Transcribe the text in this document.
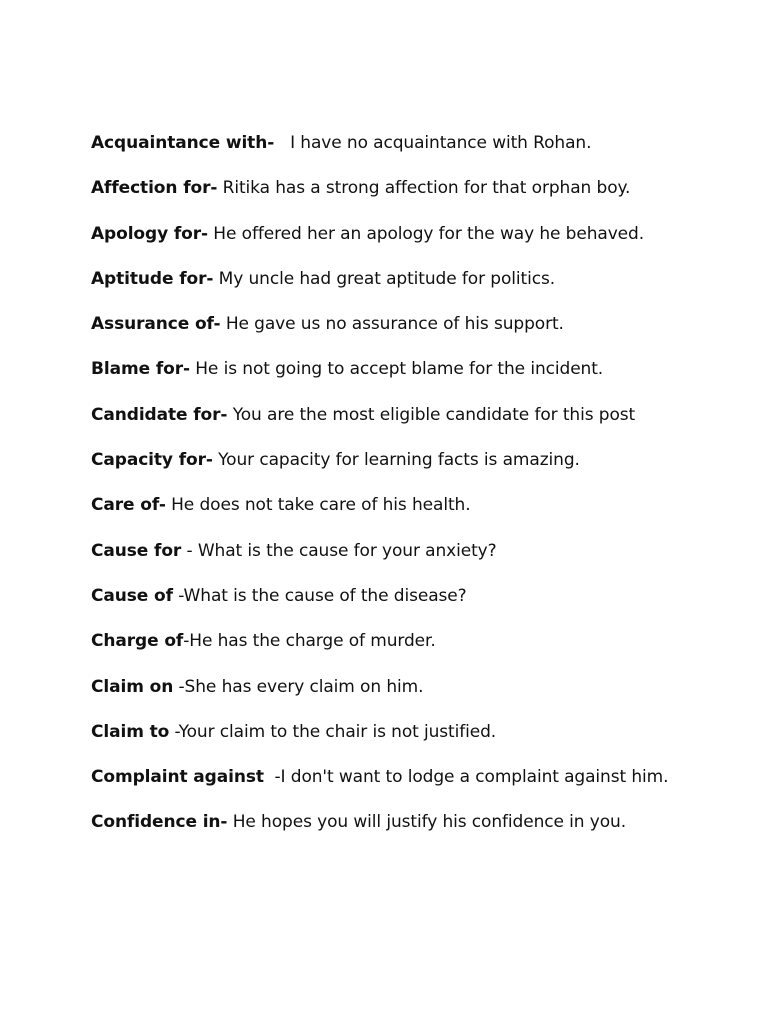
Acquaintance with-   I have no acquaintance with Rohan.
Affection for- Ritika has a strong affection for that orphan boy.
Apology for- He offered her an apology for the way he behaved.
Aptitude for- My uncle had great aptitude for politics.
Assurance of- He gave us no assurance of his support.
Blame for- He is not going to accept blame for the incident.
Candidate for- You are the most eligible candidate for this post
Capacity for- Your capacity for learning facts is amazing.
Care of- He does not take care of his health.
Cause for - What is the cause for your anxiety?
Cause of -What is the cause of the disease?
Charge of-He has the charge of murder.
Claim on -She has every claim on him.
Claim to -Your claim to the chair is not justified.
Complaint against  -I don't want to lodge a complaint against him.
Confidence in- He hopes you will justify his confidence in you.
